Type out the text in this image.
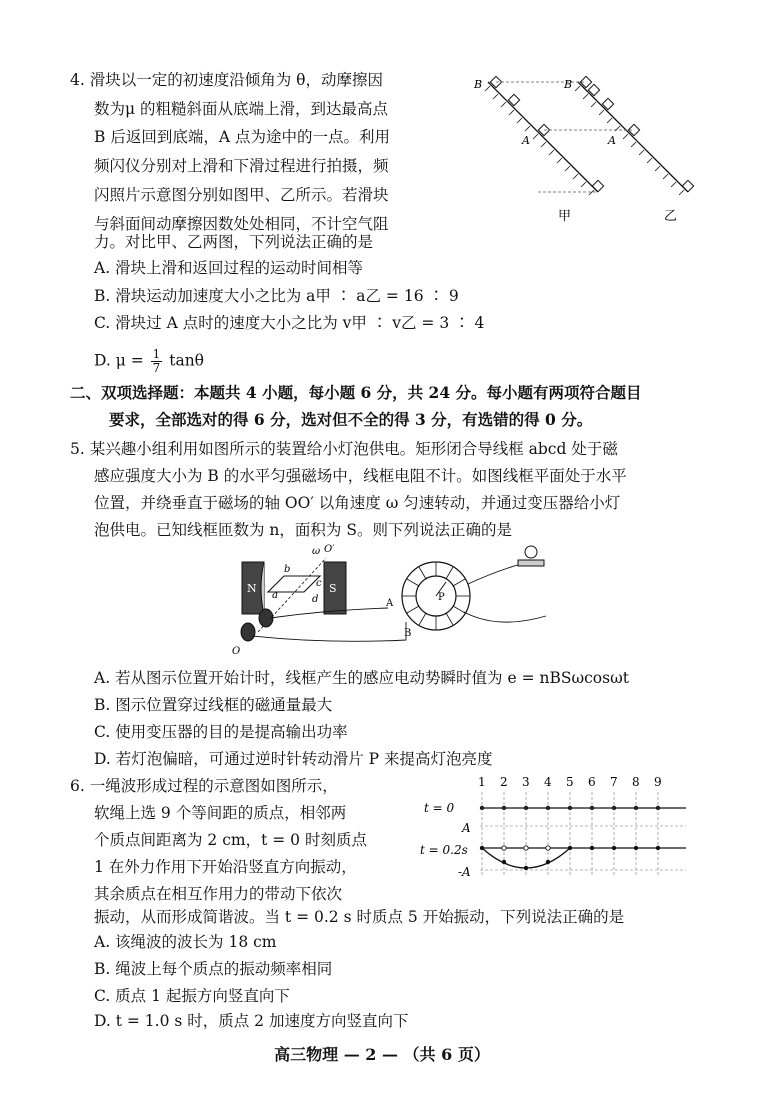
4. 滑块以一定的初速度沿倾角为 θ，动摩擦因
数为μ 的粗糙斜面从底端上滑，到达最高点
B 后返回到底端，A 点为途中的一点。利用
频闪仪分别对上滑和下滑过程进行拍摄，频
闪照片示意图分别如图甲、乙所示。若滑块
与斜面间动摩擦因数处处相同，不计空气阻
力。对比甲、乙两图，下列说法正确的是
A. 滑块上滑和返回过程的运动时间相等
B. 滑块运动加速度大小之比为 a甲 ∶ a乙 = 16 ∶ 9
C. 滑块过 A 点时的速度大小之比为 v甲 ∶ v乙 = 3 ∶ 4
D. $\mu = \frac{1}{7}$ tanθ
B	B
A	A
甲	乙
二、双项选择题：本题共 4 小题，每小题 6 分，共 24 分。每小题有两项符合题目
要求，全部选对的得 6 分，选对但不全的得 3 分，有选错的得 0 分。
5. 某兴趣小组利用如图所示的装置给小灯泡供电。矩形闭合导线框 abcd 处于磁
感应强度大小为 B 的水平匀强磁场中，线框电阻不计。如图线框平面处于水平
位置，并绕垂直于磁场的轴 OO′ 以角速度 ω 匀速转动，并通过变压器给小灯
泡供电。已知线框匝数为 n，面积为 S。则下列说法正确的是
N	S
a
b
c
d
ω O′
O
P
A
B
A. 若从图示位置开始计时，线框产生的感应电动势瞬时值为 e = nBSωcosωt
B. 图示位置穿过线框的磁通量最大
C. 使用变压器的目的是提高输出功率
D. 若灯泡偏暗，可通过逆时针转动滑片 P 来提高灯泡亮度
6. 一绳波形成过程的示意图如图所示，
软绳上选 9 个等间距的质点，相邻两
个质点间距离为 2 cm，t = 0 时刻质点
1 在外力作用下开始沿竖直方向振动，
其余质点在相互作用力的带动下依次
振动，从而形成简谐波。当 t = 0.2 s 时质点 5 开始振动，下列说法正确的是
1 2 3 4 5 6 7 8 9
t = 0
t = 0.2s
A
-A
A. 该绳波的波长为 18 cm
B. 绳波上每个质点的振动频率相同
C. 质点 1 起振方向竖直向下
D. t = 1.0 s 时，质点 2 加速度方向竖直向下
高三物理 — 2 — （共 6 页）
